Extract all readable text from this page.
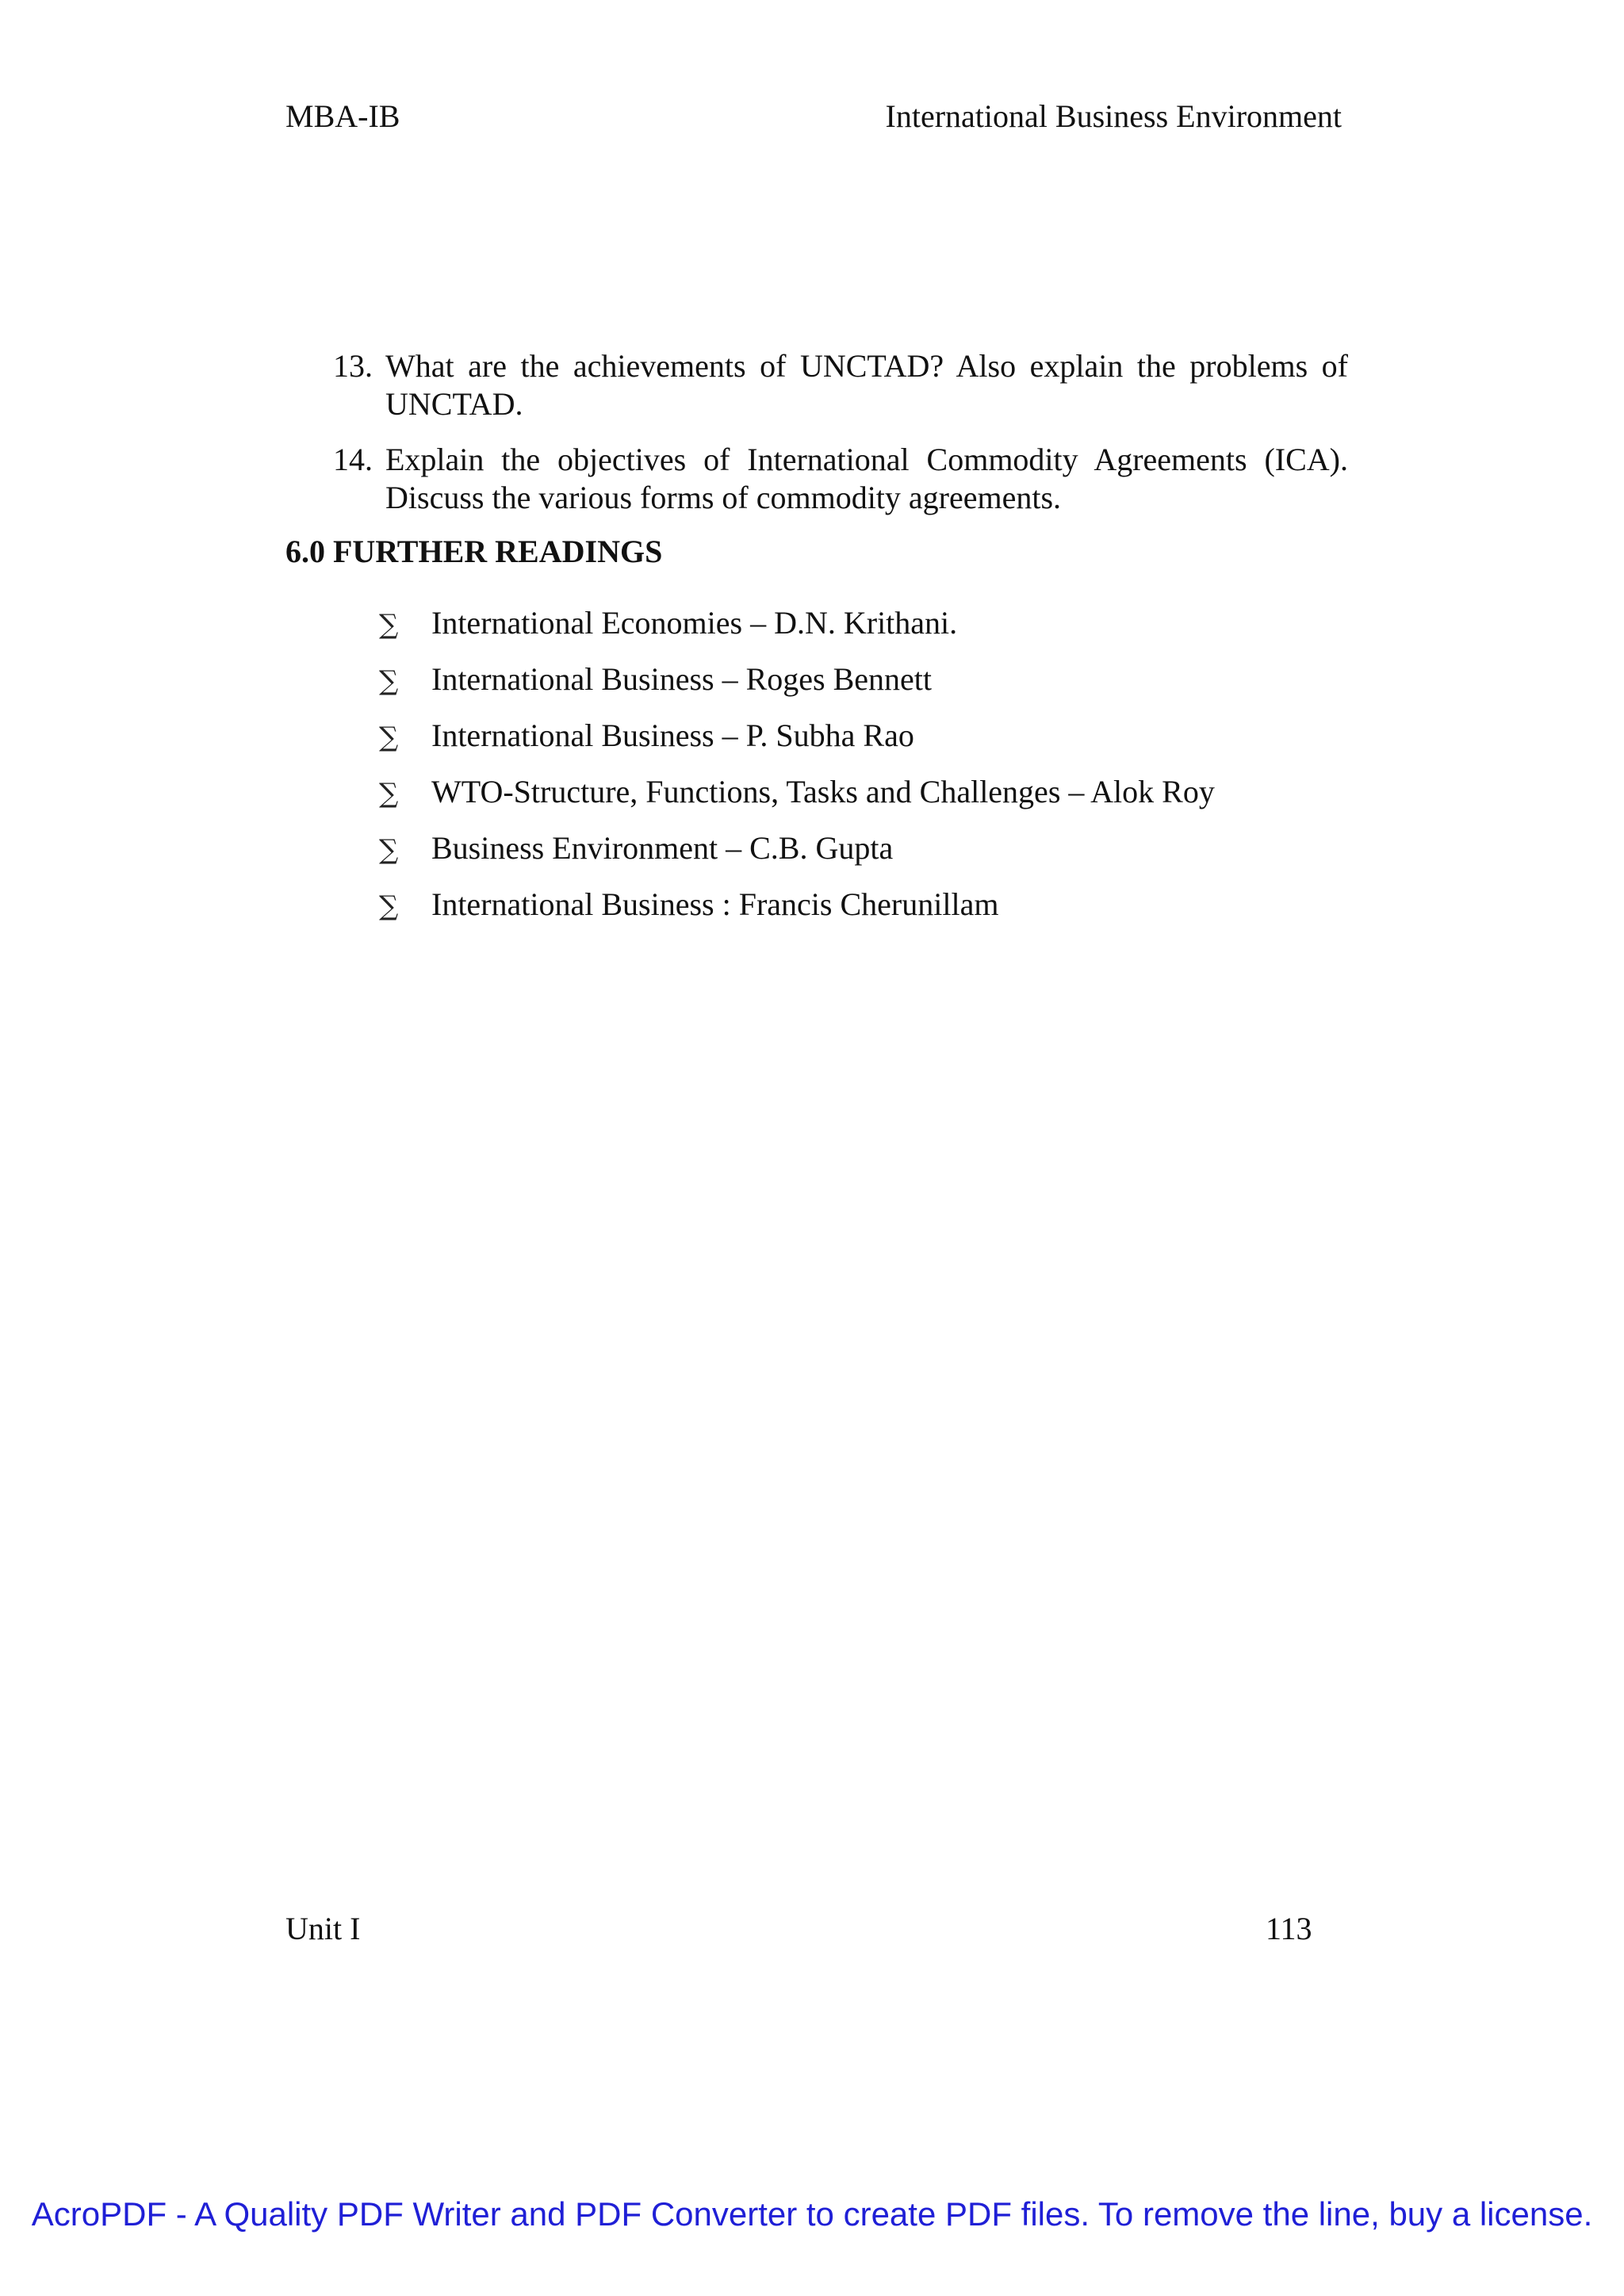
MBA-IB	International Business Environment
13. What are the achievements of UNCTAD? Also explain the problems of UNCTAD.
14. Explain the objectives of International Commodity Agreements (ICA). Discuss the various forms of commodity agreements.
6.0 FURTHER READINGS
∑	International Economies – D.N. Krithani.
∑	International Business – Roges Bennett
∑	International Business – P. Subha Rao
∑	WTO-Structure, Functions, Tasks and Challenges – Alok Roy
∑	Business Environment – C.B. Gupta
∑	International Business : Francis Cherunillam
Unit I	113
AcroPDF - A Quality PDF Writer and PDF Converter to create PDF files. To remove the line, buy a license.
